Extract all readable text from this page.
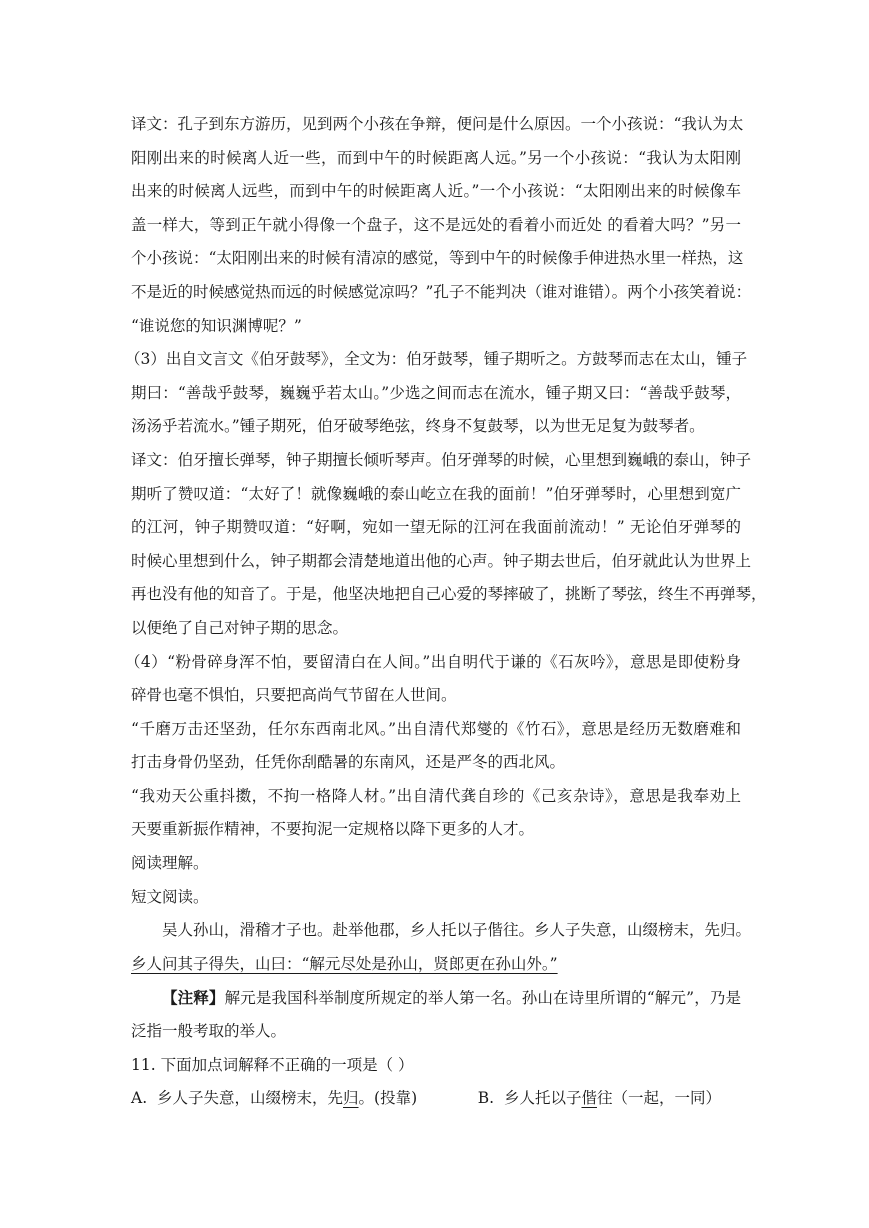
译文：孔子到东方游历，见到两个小孩在争辩，便问是什么原因。一个小孩说：“我认为太
阳刚出来的时候离人近一些，而到中午的时候距离人远。”另一个小孩说：“我认为太阳刚
出来的时候离人远些，而到中午的时候距离人近。”一个小孩说：“太阳刚出来的时候像车
盖一样大，等到正午就小得像一个盘子，这不是远处的看着小而近处 的看着大吗？”另一
个小孩说：“太阳刚出来的时候有清凉的感觉，等到中午的时候像手伸进热水里一样热，这
不是近的时候感觉热而远的时候感觉凉吗？”孔子不能判决（谁对谁错）。两个小孩笑着说：
“谁说您的知识渊博呢？”
（3）出自文言文《伯牙鼓琴》，全文为：伯牙鼓琴，锺子期听之。方鼓琴而志在太山，锺子
期曰：“善哉乎鼓琴，巍巍乎若太山。”少选之间而志在流水，锺子期又曰：“善哉乎鼓琴，
汤汤乎若流水。”锺子期死，伯牙破琴绝弦，终身不复鼓琴，以为世无足复为鼓琴者。
译文：伯牙擅长弹琴，钟子期擅长倾听琴声。伯牙弹琴的时候，心里想到巍峨的泰山，钟子
期听了赞叹道：“太好了！就像巍峨的泰山屹立在我的面前！”伯牙弹琴时，心里想到宽广
的江河，钟子期赞叹道：“好啊，宛如一望无际的江河在我面前流动！” 无论伯牙弹琴的
时候心里想到什么，钟子期都会清楚地道出他的心声。钟子期去世后，伯牙就此认为世界上
再也没有他的知音了。于是，他坚决地把自己心爱的琴摔破了，挑断了琴弦，终生不再弹琴，
以便绝了自己对钟子期的思念。
（4）“粉骨碎身浑不怕，要留清白在人间。”出自明代于谦的《石灰吟》，意思是即使粉身
碎骨也毫不惧怕，只要把高尚气节留在人世间。
“千磨万击还坚劲，任尔东西南北风。”出自清代郑燮的《竹石》，意思是经历无数磨难和
打击身骨仍坚劲，任凭你刮酷暑的东南风，还是严冬的西北风。
“我劝天公重抖擞，不拘一格降人材。”出自清代龚自珍的《己亥杂诗》，意思是我奉劝上
天要重新振作精神，不要拘泥一定规格以降下更多的人才。
阅读理解。
短文阅读。
吴人孙山，滑稽才子也。赴举他郡，乡人托以子偕往。乡人子失意，山缀榜末，先归。
乡人问其子得失，山曰：“解元尽处是孙山，贤郎更在孙山外。”
【注释】解元是我国科举制度所规定的举人第一名。孙山在诗里所谓的“解元”，乃是
泛指一般考取的举人。
11. 下面加点词解释不正确的一项是（ ）
A. 乡人子失意，山缀榜末，先归。(投靠)	B. 乡人托以子偕往（一起，一同）
